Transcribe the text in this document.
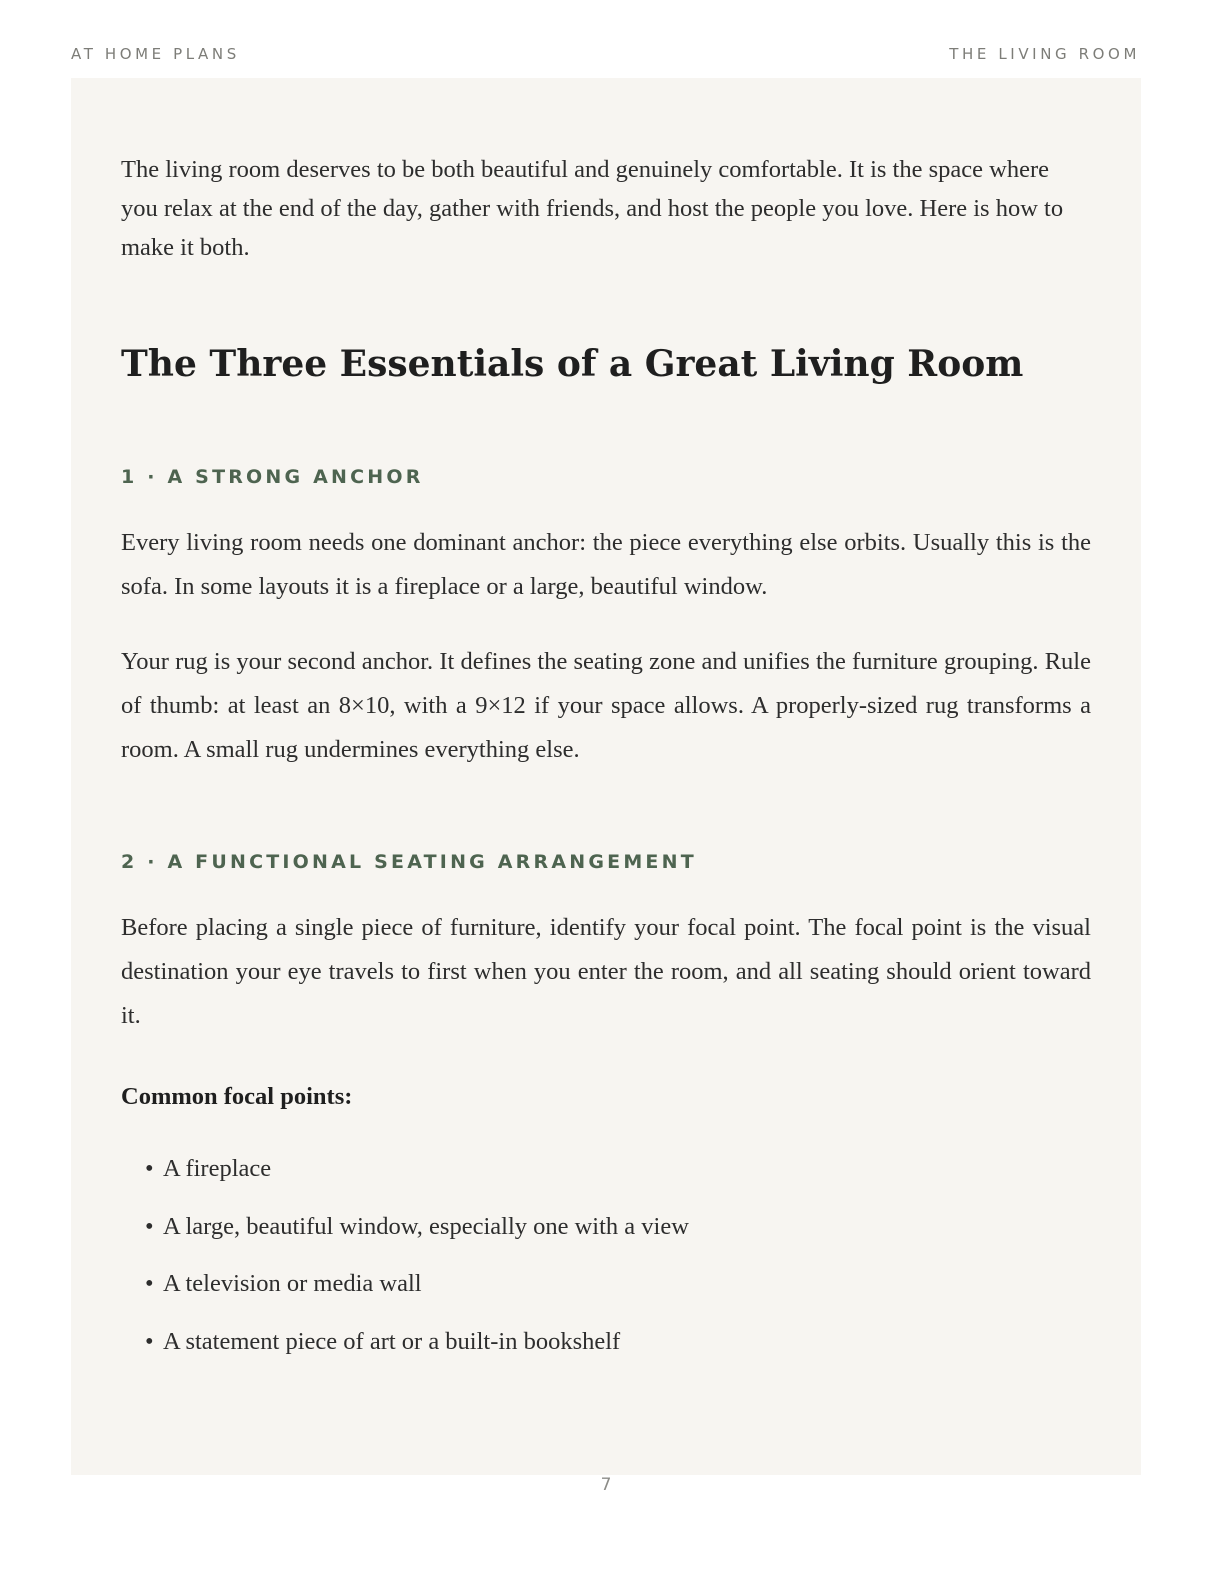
AT HOME PLANS	THE LIVING ROOM

The living room deserves to be both beautiful and genuinely comfortable. It is the space where you relax at the end of the day, gather with friends, and host the people you love. Here is how to make it both.

The Three Essentials of a Great Living Room
1 · A STRONG ANCHOR

Every living room needs one dominant anchor: the piece everything else orbits. Usually this is the sofa. In some layouts it is a fireplace or a large, beautiful window.

Your rug is your second anchor. It defines the seating zone and unifies the furniture grouping. Rule of thumb: at least an 8×10, with a 9×12 if your space allows. A properly-sized rug transforms a room. A small rug undermines everything else.

2 · A FUNCTIONAL SEATING ARRANGEMENT

Before placing a single piece of furniture, identify your focal point. The focal point is the visual destination your eye travels to first when you enter the room, and all seating should orient toward it.

Common focal points:

• A fireplace
• A large, beautiful window, especially one with a view
• A television or media wall
• A statement piece of art or a built-in bookshelf
7
